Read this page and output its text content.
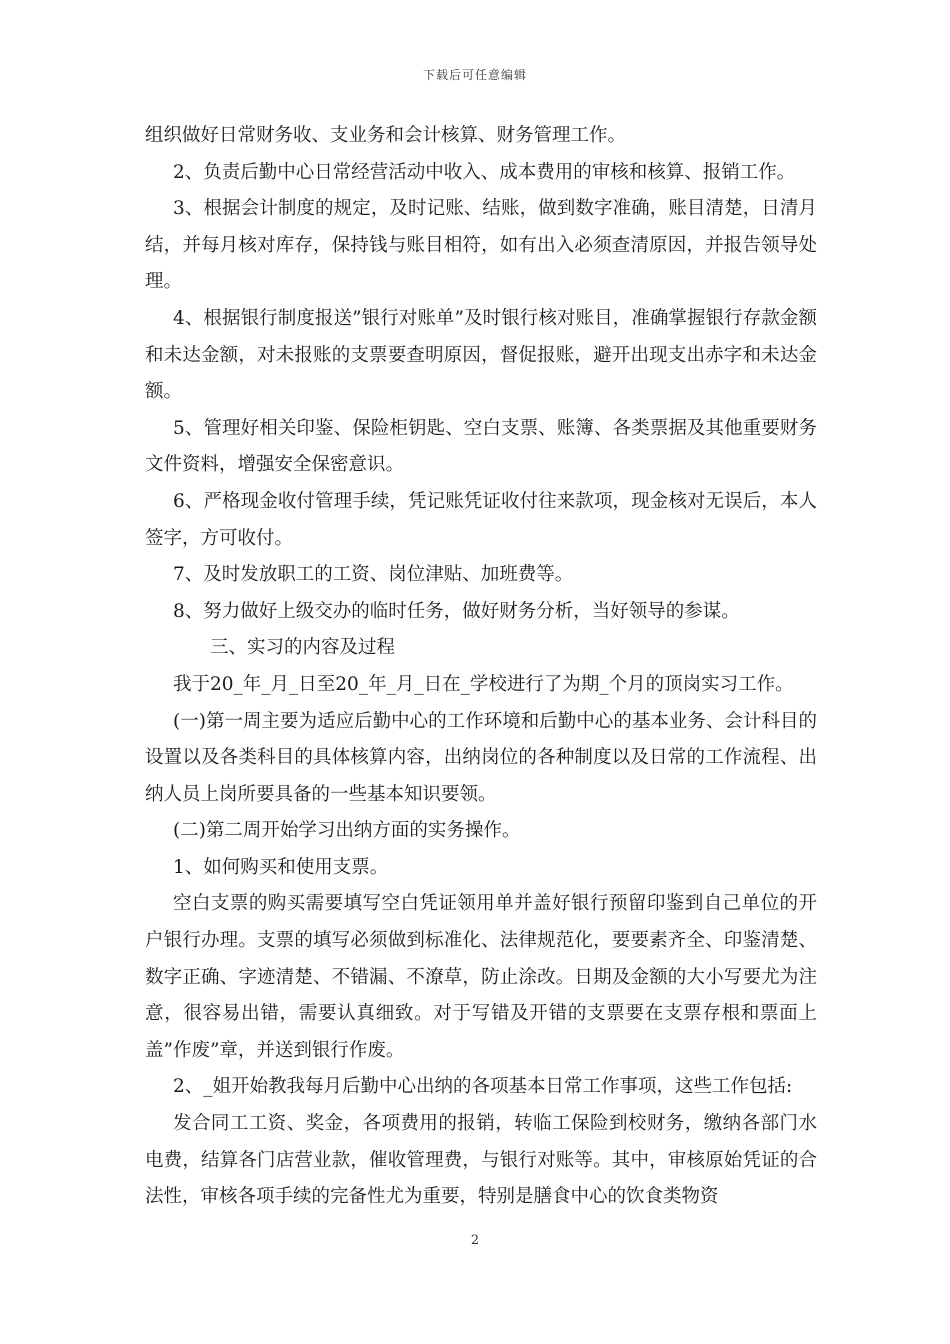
下载后可任意编辑

组织做好日常财务收、支业务和会计核算、财务管理工作。

2、负责后勤中心日常经营活动中收入、成本费用的审核和核算、报销工作。

3、根据会计制度的规定，及时记账、结账，做到数字准确，账目清楚，日清月结，并每月核对库存，保持钱与账目相符，如有出入必须查清原因，并报告领导处理。

4、根据银行制度报送”银行对账单”及时银行核对账目，准确掌握银行存款金额和未达金额，对未报账的支票要查明原因，督促报账，避开出现支出赤字和未达金额。

5、管理好相关印鉴、保险柜钥匙、空白支票、账簿、各类票据及其他重要财务文件资料，增强安全保密意识。

6、严格现金收付管理手续，凭记账凭证收付往来款项，现金核对无误后，本人签字，方可收付。

7、及时发放职工的工资、岗位津贴、加班费等。

8、努力做好上级交办的临时任务，做好财务分析，当好领导的参谋。

三、实习的内容及过程

我于20_年_月_日至20_年_月_日在_学校进行了为期_个月的顶岗实习工作。

(一)第一周主要为适应后勤中心的工作环境和后勤中心的基本业务、会计科目的设置以及各类科目的具体核算内容，出纳岗位的各种制度以及日常的工作流程、出纳人员上岗所要具备的一些基本知识要领。

(二)第二周开始学习出纳方面的实务操作。

1、如何购买和使用支票。

空白支票的购买需要填写空白凭证领用单并盖好银行预留印鉴到自己单位的开户银行办理。支票的填写必须做到标准化、法律规范化，要要素齐全、印鉴清楚、数字正确、字迹清楚、不错漏、不潦草，防止涂改。日期及金额的大小写要尤为注意，很容易出错，需要认真细致。对于写错及开错的支票要在支票存根和票面上盖”作废”章，并送到银行作废。

2、_姐开始教我每月后勤中心出纳的各项基本日常工作事项，这些工作包括:

发合同工工资、奖金，各项费用的报销，转临工保险到校财务，缴纳各部门水电费，结算各门店营业款，催收管理费，与银行对账等。其中，审核原始凭证的合法性，审核各项手续的完备性尤为重要，特别是膳食中心的饮食类物资

2
